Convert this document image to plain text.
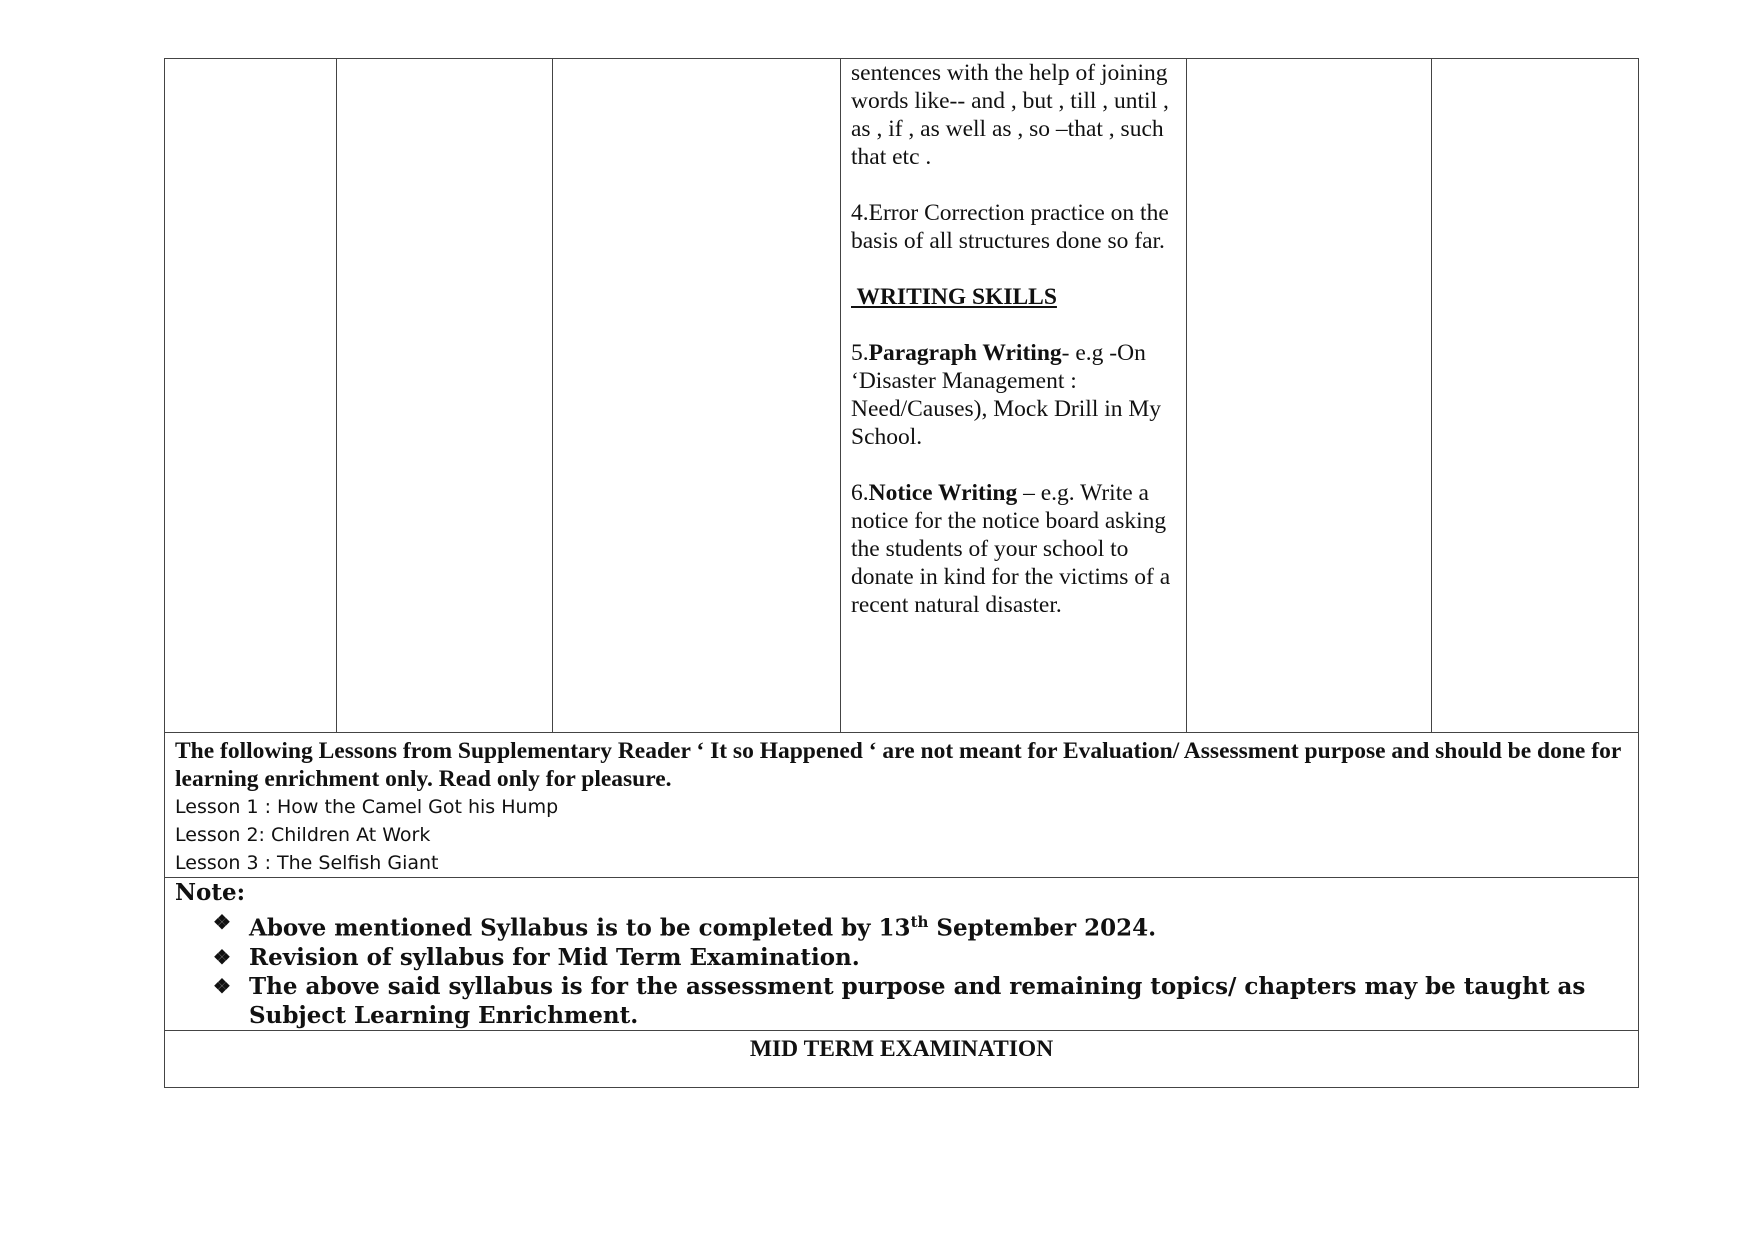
sentences with the help of joining words like-- and , but , till , until , as , if , as well as , so –that , such that etc .

4.Error Correction practice on the basis of all structures done so far.

WRITING SKILLS

5.Paragraph Writing- e.g -On ‘Disaster Management : Need/Causes), Mock Drill in My School.

6.Notice Writing – e.g. Write a notice for the notice board asking the students of your school to donate in kind for the victims of a recent natural disaster.

The following Lessons from Supplementary Reader ‘ It so Happened ‘ are not meant for Evaluation/ Assessment purpose and should be done for learning enrichment only. Read only for pleasure.
Lesson 1 : How the Camel Got his Hump
Lesson 2: Children At Work
Lesson 3 : The Selfish Giant

Note:
❖ Above mentioned Syllabus is to be completed by 13th September 2024.
❖ Revision of syllabus for Mid Term Examination.
❖ The above said syllabus is for the assessment purpose and remaining topics/ chapters may be taught as Subject Learning Enrichment.

MID TERM EXAMINATION
